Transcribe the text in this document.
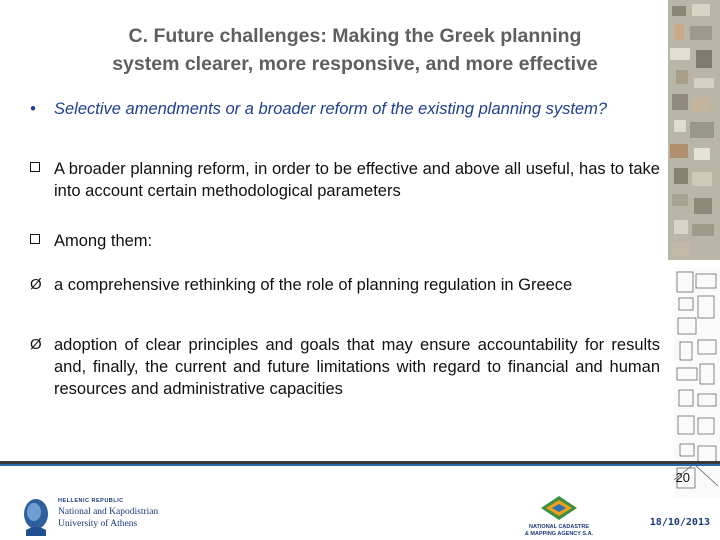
C. Future challenges: Making the Greek planning
system clearer, more responsive, and more effective
• Selective amendments or a broader reform of the existing planning system?
A broader planning reform, in order to be effective and above all useful, has to take into account certain methodological parameters
Among them:
Ø a comprehensive rethinking of the role of planning regulation in Greece
Ø adoption of clear principles and goals that may ensure accountability for results and, finally, the current and future limitations with regard to financial and human resources and administrative capacities
20
HELLENIC REPUBLIC
National and Kapodistrian
University of Athens	NATIONAL CADASTRE
& MAPPING AGENCY S.A.
18/10/2013
